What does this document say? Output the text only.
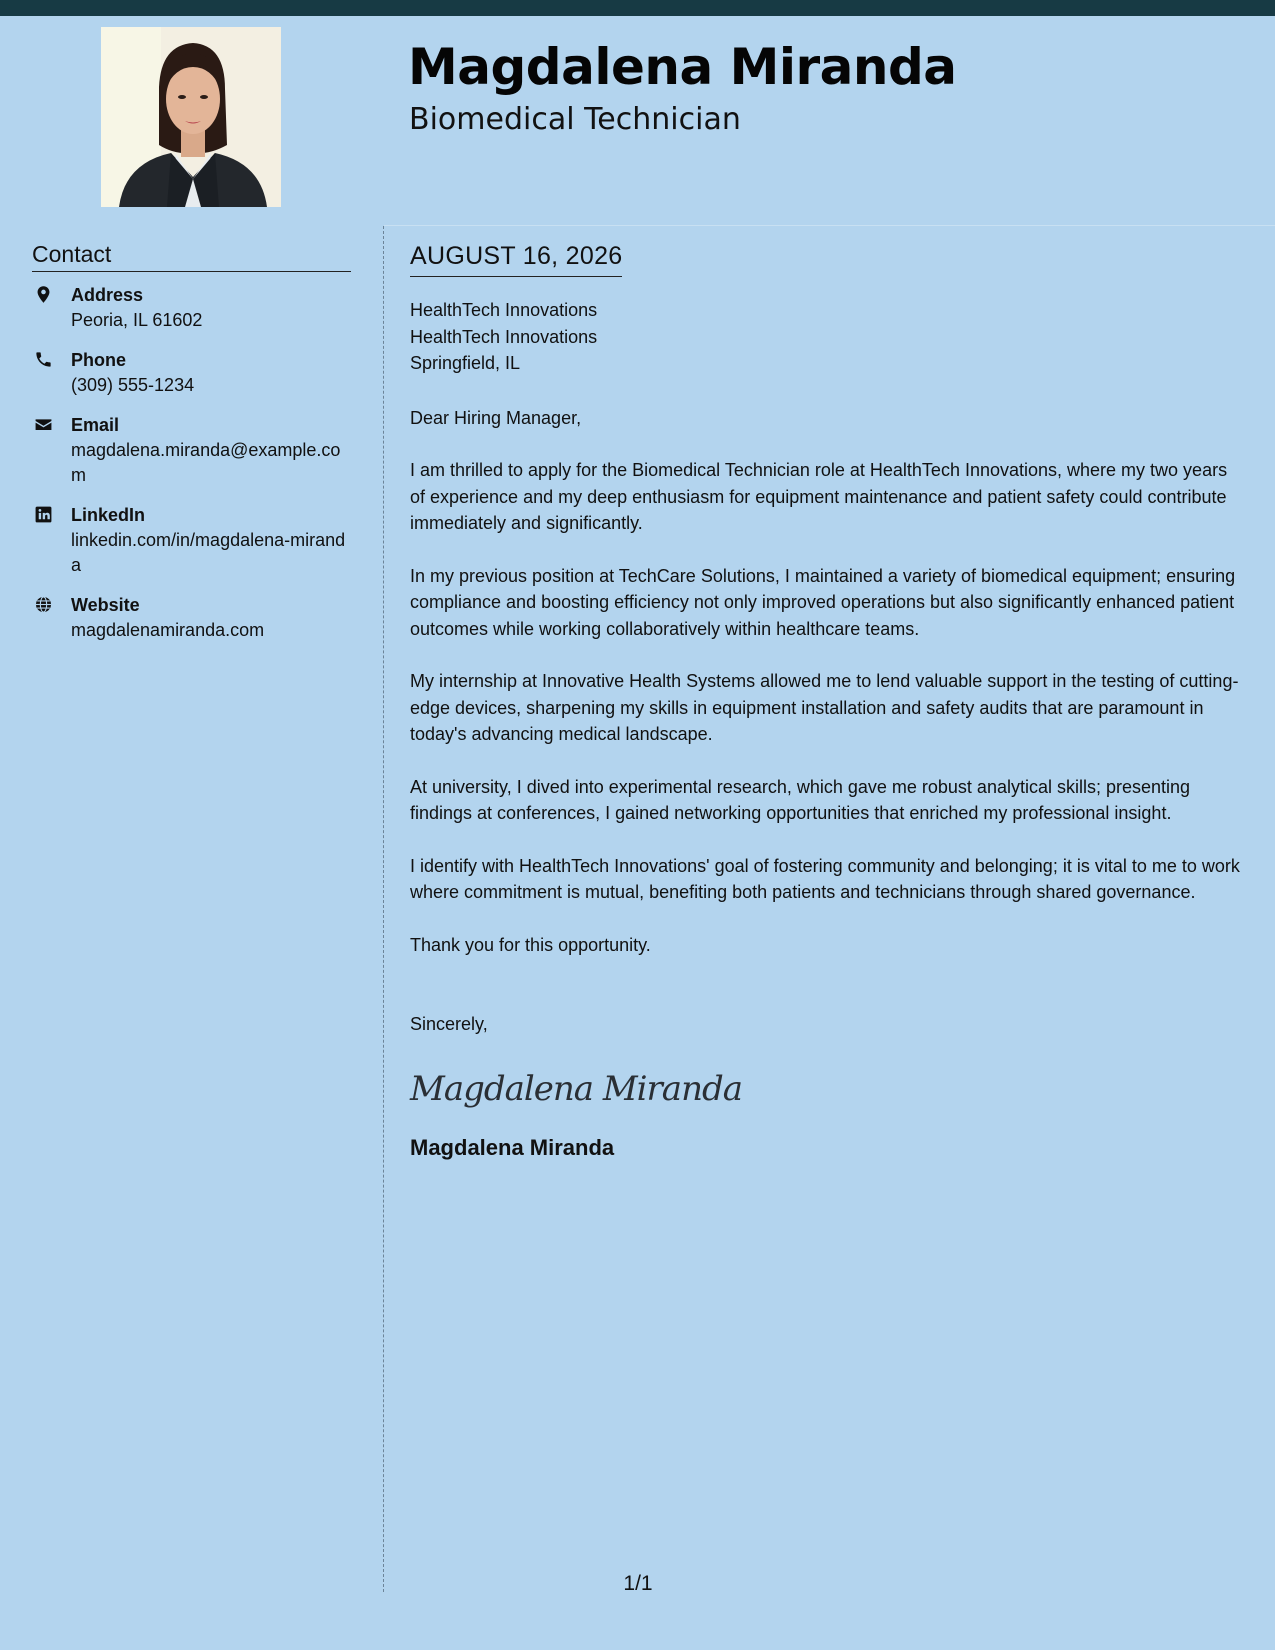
Magdalena Miranda
Biomedical Technician
Contact
Address
Peoria, IL 61602
Phone
(309) 555-1234
Email
magdalena.miranda@example.com
LinkedIn
linkedin.com/in/magdalena-miranda
Website
magdalenamiranda.com
AUGUST 16, 2026
HealthTech Innovations
HealthTech Innovations
Springfield, IL
Dear Hiring Manager,

I am thrilled to apply for the Biomedical Technician role at HealthTech Innovations, where my two years of experience and my deep enthusiasm for equipment maintenance and patient safety could contribute immediately and significantly.

In my previous position at TechCare Solutions, I maintained a variety of biomedical equipment; ensuring compliance and boosting efficiency not only improved operations but also significantly enhanced patient outcomes while working collaboratively within healthcare teams.

My internship at Innovative Health Systems allowed me to lend valuable support in the testing of cutting-edge devices, sharpening my skills in equipment installation and safety audits that are paramount in today's advancing medical landscape.

At university, I dived into experimental research, which gave me robust analytical skills; presenting findings at conferences, I gained networking opportunities that enriched my professional insight.

I identify with HealthTech Innovations' goal of fostering community and belonging; it is vital to me to work where commitment is mutual, benefiting both patients and technicians through shared governance.

Thank you for this opportunity.

Sincerely,
Magdalena Miranda
Magdalena Miranda
1/1
